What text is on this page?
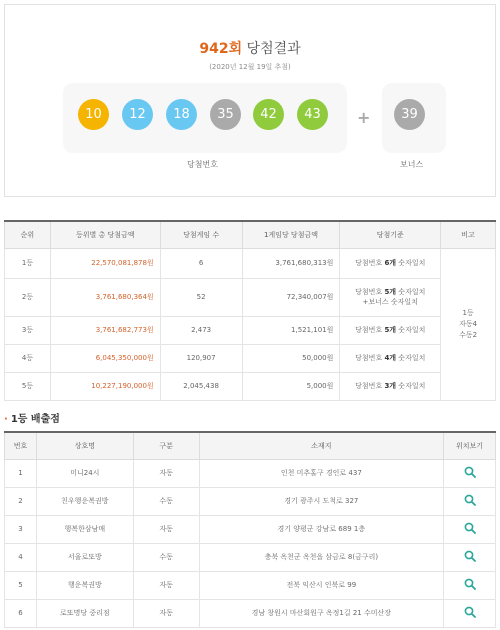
942회 당첨결과
(2020년 12월 19일 추첨)
10	12	18	35	42	43	+	39
당첨번호	보너스
순위	등위별 총 당첨금액	당첨게임 수	1게임당 당첨금액	당첨기준	비고
1등	22,570,081,878원	6	3,761,680,313원	당첨번호 6개 숫자일치	1등
자동4
수동2

2등	3,761,680,364원	52	72,340,007원	당첨번호 5개 숫자일치
+보너스 숫자일치	

3등	3,761,682,773원	2,473	1,521,101원	당첨번호 5개 숫자일치	
4등	6,045,350,000원	120,907	50,000원	당첨번호 4개 숫자일치	
5등	10,227,190,000원	2,045,438	5,000원	당첨번호 3개 숫자일치	
· 1등 배출점
번호	상호명	구분	소재지	위치보기
1	미니24시	자동	인천 미추홀구 경인로 437	
2	친우행운복권방	수동	경기 광주시 도척로 327	
3	행복한삼남매	자동	경기 양평군 강남로 689 1층	
4	서울로또방	수동	충북 옥천군 옥천읍 삼금로 8(금구리)	
5	행운복권방	자동	전북 익산시 인북로 99	
6	로또명당 중리점	자동	경남 창원시 마산회원구 옥정1길 21 수미산장	
